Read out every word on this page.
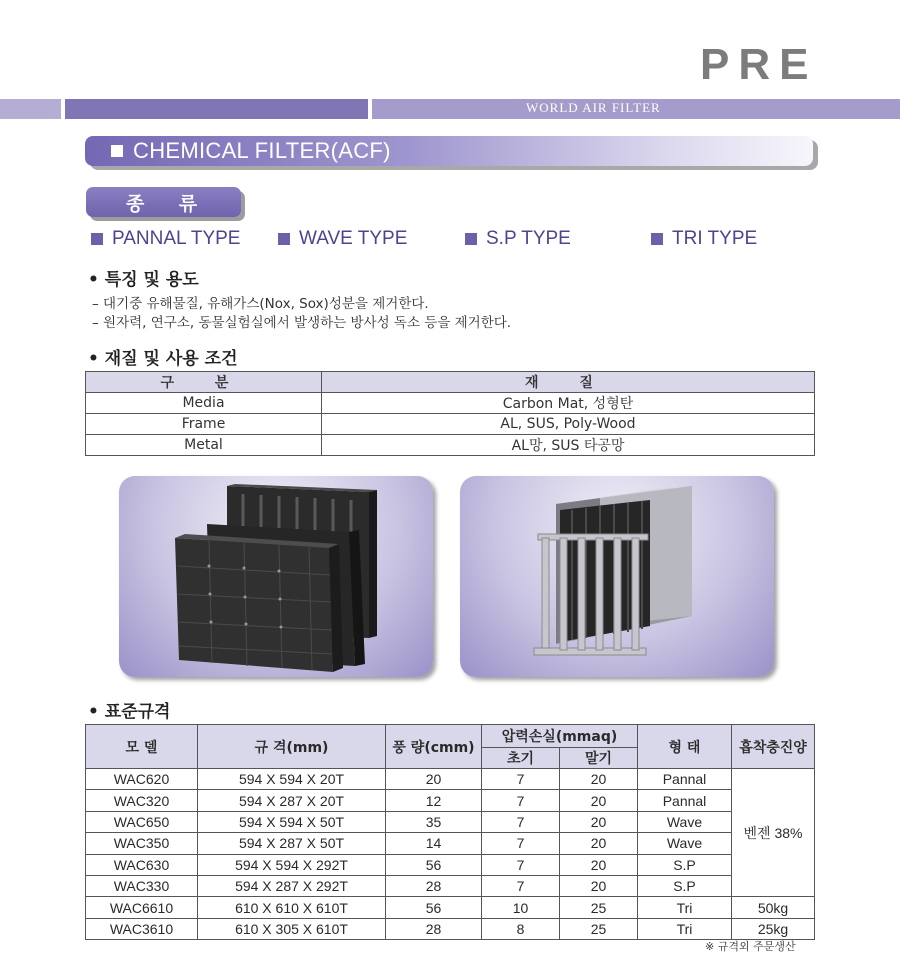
PRE
WORLD AIR FILTER
CHEMICAL FILTER(ACF)
종 류
PANNAL TYPE	WAVE TYPE	S.P TYPE	TRI TYPE
• 특징 및 용도
– 대기중 유해물질, 유해가스(Nox, Sox)성분을 제거한다.
– 원자력, 연구소, 동물실험실에서 발생하는 방사성 독소 등을 제거한다.
• 재질 및 사용 조건
구 분	재 질
Media	Carbon Mat, 성형탄
Frame	AL, SUS, Poly-Wood
Metal	AL망, SUS 타공망
• 표준규격
모 델	규 격(mm)	풍 량(cmm)	압력손실(mmaq)		형 태	흡착충진양
			초기	말기		
WAC620	594 X 594 X 20T	20	7	20	Pannal	벤젠 38%
WAC320	594 X 287 X 20T	12	7	20	Pannal	
WAC650	594 X 594 X 50T	35	7	20	Wave	
WAC350	594 X 287 X 50T	14	7	20	Wave	
WAC630	594 X 594 X 292T	56	7	20	S.P	
WAC330	594 X 287 X 292T	28	7	20	S.P	
WAC6610	610 X 610 X 610T	56	10	25	Tri	50kg
WAC3610	610 X 305 X 610T	28	8	25	Tri	25kg
※ 규격외 주문생산
